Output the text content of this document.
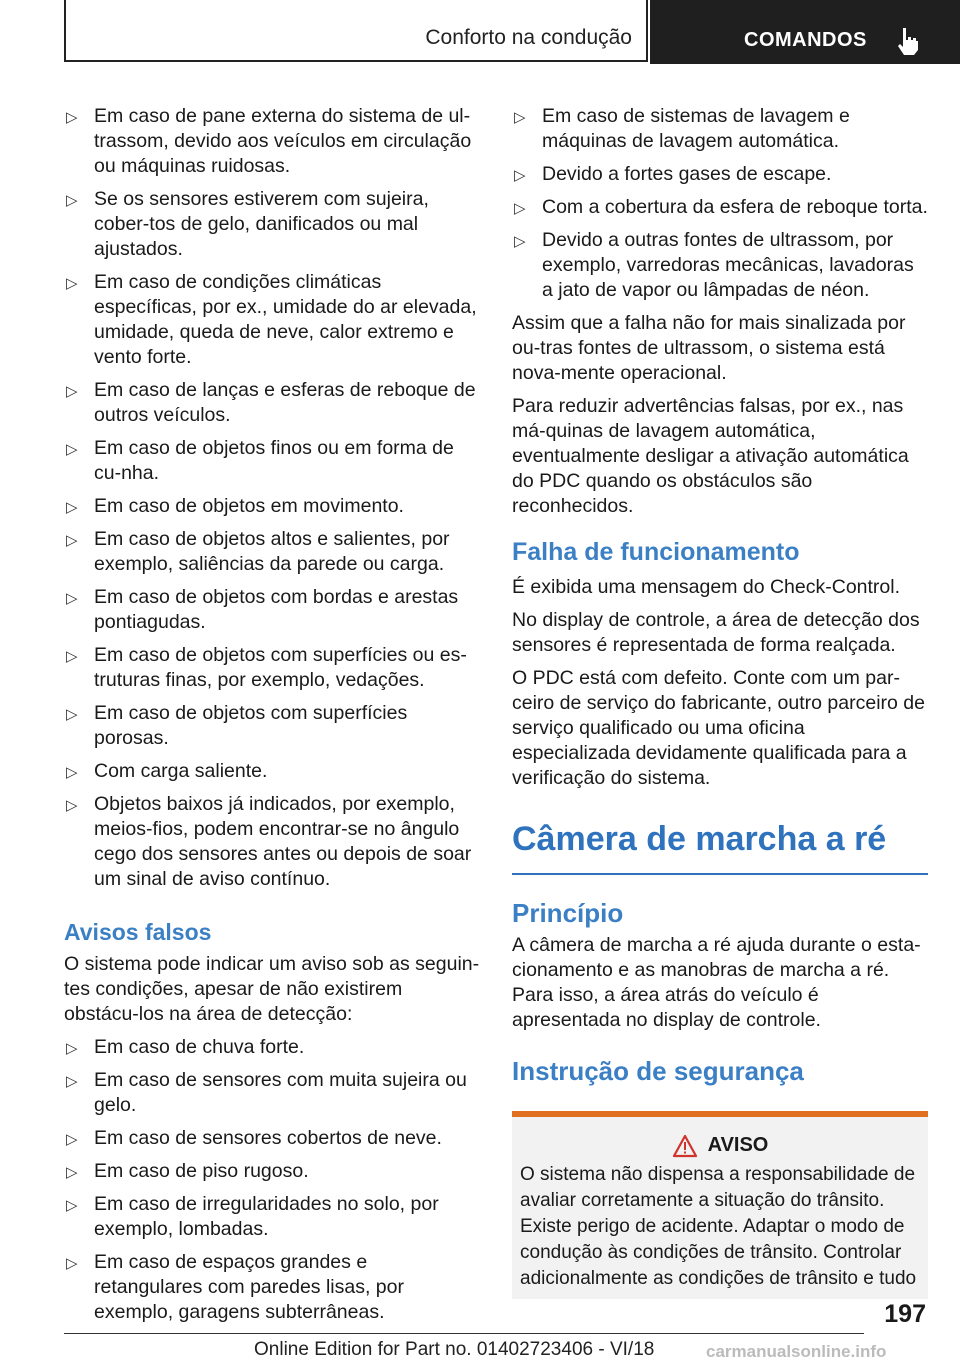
Conforto na condução	COMANDOS
▷ Em caso de pane externa do sistema de ul-trassom, devido aos veículos em circulação ou máquinas ruidosas.
▷ Se os sensores estiverem com sujeira, cober-tos de gelo, danificados ou mal ajustados.
▷ Em caso de condições climáticas específicas, por ex., umidade do ar elevada, umidade, queda de neve, calor extremo e vento forte.
▷ Em caso de lanças e esferas de reboque de outros veículos.
▷ Em caso de objetos finos ou em forma de cu-nha.
▷ Em caso de objetos em movimento.
▷ Em caso de objetos altos e salientes, por exemplo, saliências da parede ou carga.
▷ Em caso de objetos com bordas e arestas pontiagudas.
▷ Em caso de objetos com superfícies ou es-truturas finas, por exemplo, vedações.
▷ Em caso de objetos com superfícies porosas.
▷ Com carga saliente.
▷ Objetos baixos já indicados, por exemplo, meios-fios, podem encontrar-se no ângulo cego dos sensores antes ou depois de soar um sinal de aviso contínuo.
Avisos falsos

O sistema pode indicar um aviso sob as seguin-tes condições, apesar de não existirem obstácu-los na área de detecção:

▷ Em caso de chuva forte.
▷ Em caso de sensores com muita sujeira ou gelo.
▷ Em caso de sensores cobertos de neve.
▷ Em caso de piso rugoso.
▷ Em caso de irregularidades no solo, por exemplo, lombadas.
▷ Em caso de espaços grandes e retangulares com paredes lisas, por exemplo, garagens subterrâneas.
▷ Em caso de sistemas de lavagem e máquinas de lavagem automática.
▷ Devido a fortes gases de escape.
▷ Com a cobertura da esfera de reboque torta.
▷ Devido a outras fontes de ultrassom, por exemplo, varredoras mecânicas, lavadoras a jato de vapor ou lâmpadas de néon.

Assim que a falha não for mais sinalizada por ou-tras fontes de ultrassom, o sistema está nova-mente operacional.

Para reduzir advertências falsas, por ex., nas má-quinas de lavagem automática, eventualmente desligar a ativação automática do PDC quando os obstáculos são reconhecidos.

Falha de funcionamento

É exibida uma mensagem do Check-Control.

No display de controle, a área de detecção dos sensores é representada de forma realçada.

O PDC está com defeito. Conte com um par-ceiro de serviço do fabricante, outro parceiro de serviço qualificado ou uma oficina especializada devidamente qualificada para a verificação do sistema.

Câmera de marcha a ré
Princípio

A câmera de marcha a ré ajuda durante o esta-cionamento e as manobras de marcha a ré. Para isso, a área atrás do veículo é apresentada no display de controle.

Instrução de segurança
AVISO
O sistema não dispensa a responsabilidade de avaliar corretamente a situação do trânsito. Existe perigo de acidente. Adaptar o modo de condução às condições de trânsito. Controlar adicionalmente as condições de trânsito e tudo
197
Online Edition for Part no. 01402723406 - VI/18	carmanualsonline.info
